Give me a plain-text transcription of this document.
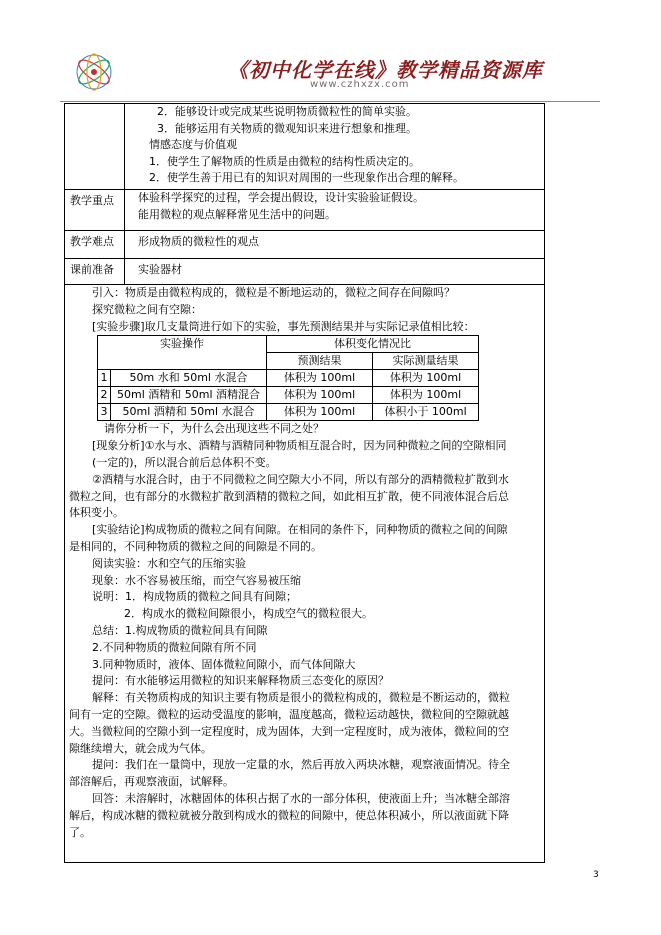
《初中化学在线》教学精品资源库
www.czhxzx.com

2．能够设计或完成某些说明物质微粒性的简单实验。
3．能够运用有关物质的微观知识来进行想象和推理。
情感态度与价值观
1．使学生了解物质的性质是由微粒的结构性质决定的。
2．使学生善于用已有的知识对周围的一些现象作出合理的解释。

教学重点	体验科学探究的过程，学会提出假设，设计实验验证假设。
能用微粒的观点解释常见生活中的问题。

教学难点	形成物质的微粒性的观点

课前准备	实验器材

引入：物质是由微粒构成的，微粒是不断地运动的，微粒之间存在间隙吗？
探究微粒之间有空隙：
[实验步骤]取几支量筒进行如下的实验，事先预测结果并与实际记录值相比较：
实验操作	体积变化情况比
预测结果	实际测量结果
1	50m 水和 50ml 水混合	体积为 100ml	体积为 100ml
2	50ml 酒精和 50ml 酒精混合	体积为 100ml	体积为 100ml
3	50ml 酒精和 50ml 水混合	体积为 100ml	体积小于 100ml
请你分析一下，为什么会出现这些不同之处？
[现象分析]①水与水、酒精与酒精同种物质相互混合时，因为同种微粒之间的空隙相同
(一定的)，所以混合前后总体积不变。
②酒精与水混合时，由于不同微粒之间空隙大小不同，所以有部分的酒精微粒扩散到水
微粒之间，也有部分的水微粒扩散到酒精的微粒之间，如此相互扩散，使不同液体混合后总
体积变小。
[实验结论]构成物质的微粒之间有间隙。在相同的条件下，同种物质的微粒之间的间隙
是相同的，不同种物质的微粒之间的间隙是不同的。
阅读实验：水和空气的压缩实验
现象：水不容易被压缩，而空气容易被压缩
说明：1．构成物质的微粒之间具有间隙；
2．构成水的微粒间隙很小，构成空气的微粒很大。
总结：1.构成物质的微粒间具有间隙
2.不同种物质的微粒间隙有所不同
3.同种物质时，液体、固体微粒间隙小，而气体间隙大
提问：有水能够运用微粒的知识来解释物质三态变化的原因？
解释：有关物质构成的知识主要有物质是很小的微粒构成的，微粒是不断运动的，微粒
间有一定的空隙。微粒的运动受温度的影响，温度越高，微粒运动越快，微粒间的空隙就越
大。当微粒间的空隙小到一定程度时，成为固体，大到一定程度时，成为液体，微粒间的空
隙继续增大，就会成为气体。
提问：我们在一量筒中，现放一定量的水，然后再放入两块冰糖，观察液面情况。待全
部溶解后，再观察液面，试解释。
回答：未溶解时，冰糖固体的体积占据了水的一部分体积，使液面上升；当冰糖全部溶
解后，构成冰糖的微粒就被分散到构成水的微粒的间隙中，使总体积减小，所以液面就下降
了。
3
